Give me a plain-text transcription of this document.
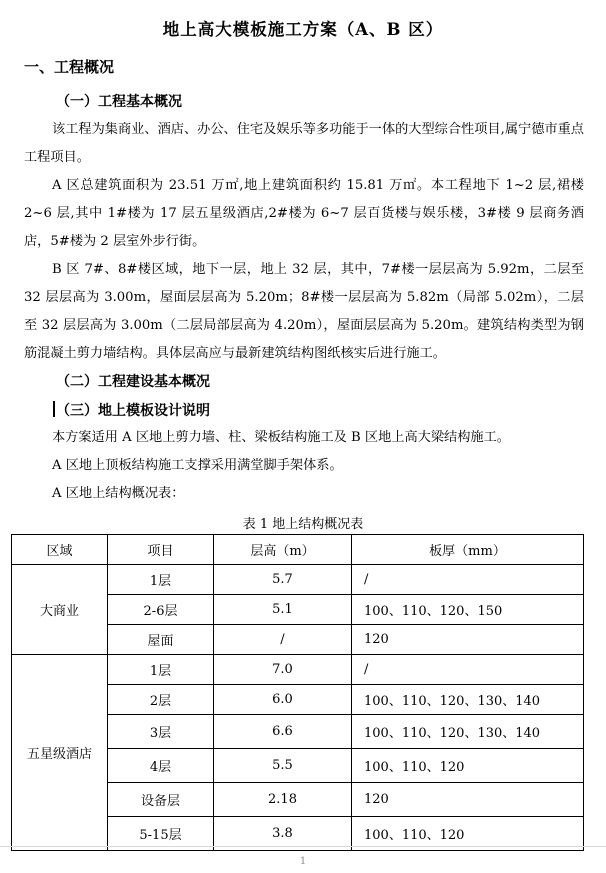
地上高大模板施工方案（A、B 区）
一、工程概况
（一）工程基本概况
该工程为集商业、酒店、办公、住宅及娱乐等多功能于一体的大型综合性项目,属宁德市重点工程项目。
A 区总建筑面积为 23.51 万㎡,地上建筑面积约 15.81 万㎡。本工程地下 1~2 层,裙楼 2~6 层,其中 1#楼为 17 层五星级酒店,2#楼为 6~7 层百货楼与娱乐楼，3#楼 9 层商务酒店，5#楼为 2 层室外步行街。
B 区 7#、8#楼区域，地下一层，地上 32 层，其中，7#楼一层层高为 5.92m，二层至 32 层层高为 3.00m，屋面层层高为 5.20m；8#楼一层层高为 5.82m（局部 5.02m），二层至 32 层层高为 3.00m（二层局部层高为 4.20m），屋面层层高为 5.20m。建筑结构类型为钢筋混凝土剪力墙结构。具体层高应与最新建筑结构图纸核实后进行施工。
（二）工程建设基本概况
（三）地上模板设计说明
本方案适用 A 区地上剪力墙、柱、梁板结构施工及 B 区地上高大梁结构施工。
A 区地上顶板结构施工支撑采用满堂脚手架体系。
A 区地上结构概况表：
表 1 地上结构概况表
区域	项目	层高（m）	板厚（mm）
大商业	1层	5.7	/
	2-6层	5.1	100、110、120、150
	屋面	/	120
五星级酒店	1层	7.0	/
	2层	6.0	100、110、120、130、140
	3层	6.6	100、110、120、130、140
	4层	5.5	100、110、120
	设备层	2.18	120
	5-15层	3.8	100、110、120
1
